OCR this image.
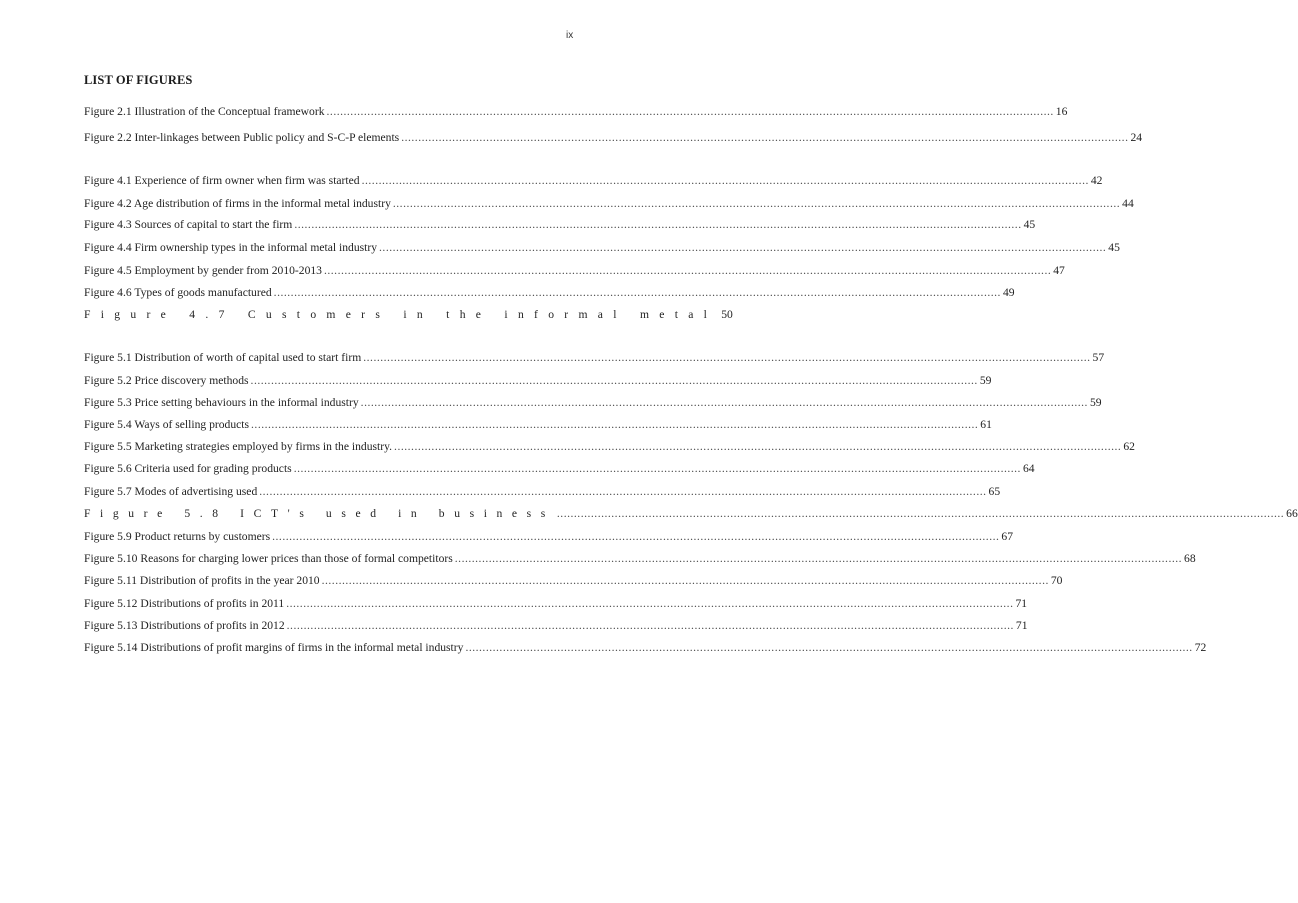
ix
LIST OF FIGURES
Figure 2.1 Illustration of the Conceptual framework .....	16
Figure 2.2 Inter-linkages between Public policy and S-C-P elements .....	24
Figure 4.1 Experience of firm owner when firm was started .....	42
Figure 4.2 Age distribution of firms in the informal metal industry .....	44
Figure 4.3 Sources of capital to start the firm .....	45
Figure 4.4 Firm ownership types in the informal metal industry .....	45
Figure 4.5 Employment by gender from 2010-2013 .....	47
Figure 4.6 Types of goods manufactured .....	49
Figure 4.7 Customers in the informal metal 50
Figure 5.1 Distribution of worth of capital used to start firm .....	57
Figure 5.2 Price discovery methods .....	59
Figure 5.3 Price setting behaviours in the informal industry .....	59
Figure 5.4 Ways of selling products .....	61
Figure 5.5 Marketing strategies employed by firms in the industry. .....	62
Figure 5.6 Criteria used for grading products .....	64
Figure 5.7 Modes of advertising used .....	65
Figure 5.8 ICT's used in business .....	66
Figure 5.9 Product returns by customers .....	67
Figure 5.10 Reasons for charging lower prices than those of formal competitors .....	68
Figure 5.11 Distribution of profits in the year 2010 .....	70
Figure 5.12 Distributions of profits in 2011 .....	71
Figure 5.13 Distributions of profits in 2012 .....	71
Figure 5.14 Distributions of profit margins of firms in the informal metal industry .....	72
